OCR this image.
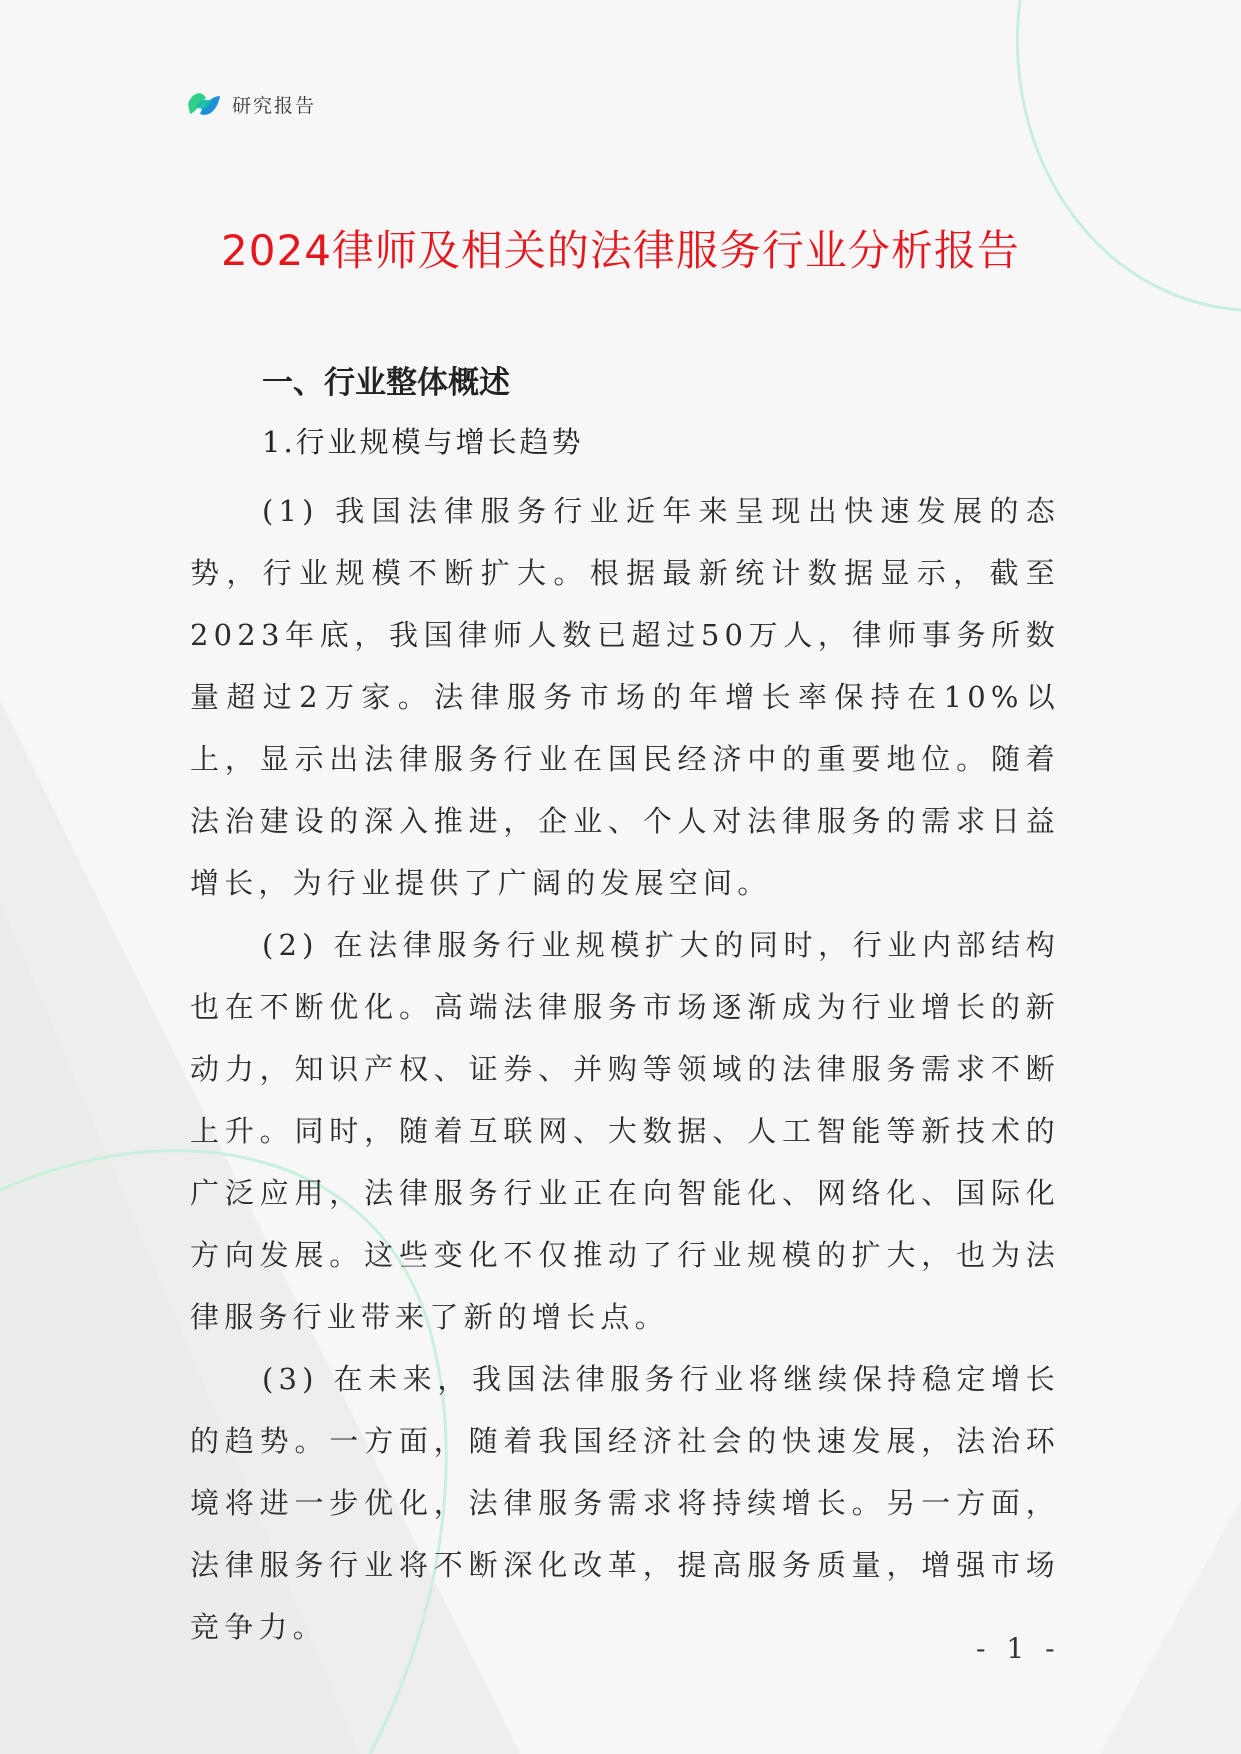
研究报告
2024律师及相关的法律服务行业分析报告
一、行业整体概述
1.行业规模与增长趋势

(1) 我国法律服务行业近年来呈现出快速发展的态势，行业规模不断扩大。根据最新统计数据显示，截至2023年底，我国律师人数已超过50万人，律师事务所数量超过2万家。法律服务市场的年增长率保持在10%以上，显示出法律服务行业在国民经济中的重要地位。随着法治建设的深入推进，企业、个人对法律服务的需求日益增长，为行业提供了广阔的发展空间。

(2) 在法律服务行业规模扩大的同时，行业内部结构也在不断优化。高端法律服务市场逐渐成为行业增长的新动力，知识产权、证券、并购等领域的法律服务需求不断上升。同时，随着互联网、大数据、人工智能等新技术的广泛应用，法律服务行业正在向智能化、网络化、国际化方向发展。这些变化不仅推动了行业规模的扩大，也为法律服务行业带来了新的增长点。

(3) 在未来，我国法律服务行业将继续保持稳定增长的趋势。一方面，随着我国经济社会的快速发展，法治环境将进一步优化，法律服务需求将持续增长。另一方面，法律服务行业将不断深化改革，提高服务质量，增强市场竞争力。

- 1 -
